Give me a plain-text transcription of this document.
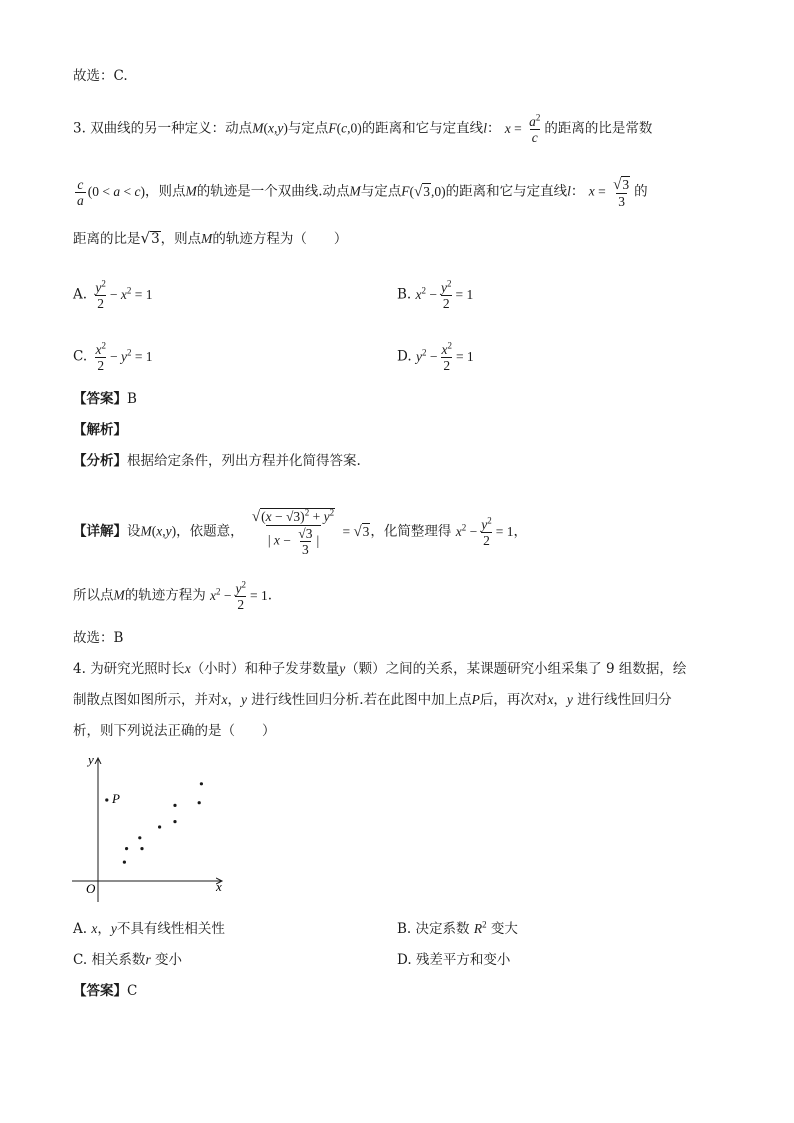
故选：C.
3. 双曲线的另一种定义：动点M(x,y)与定点F(c,0)的距离和它与定直线l： $x = \frac{a^2}{c}$ 的距离的比是常数
$\frac{c}{a} (0 < a < c)$，则点M的轨迹是一个双曲线.动点M与定点F(√3,0)的距离和它与定直线l： $x = \frac{√3}{3}$ 的
距离的比是√3，则点M的轨迹方程为（　　）
A. $\frac{y^2}{2} - x^2 = 1$	B. $x^2 - \frac{y^2}{2} = 1$
C. $\frac{x^2}{2} - y^2 = 1$	D. $y^2 - \frac{x^2}{2} = 1$
【答案】B
【解析】
【分析】根据给定条件，列出方程并化简得答案.
【详解】设M(x,y)，依题意， $\frac{√(x - √3)^2 + y^2}{| x - \frac{√3}{3} |} = √3$，化简整理得 $x^2 - \frac{y^2}{2} = 1$，
所以点M的轨迹方程为 $x^2 - \frac{y^2}{2} = 1$.
故选：B
4. 为研究光照时长x（小时）和种子发芽数量y（颗）之间的关系，某课题研究小组采集了 9 组数据，绘
制散点图如图所示，并对x，y 进行线性回归分析.若在此图中加上点P后，再次对x，y 进行线性回归分
析，则下列说法正确的是（　　）
y
x
O
P
A. x，y不具有线性相关性	B. 决定系数 $R^2$ 变大
C. 相关系数r 变小	D. 残差平方和变小
【答案】C
